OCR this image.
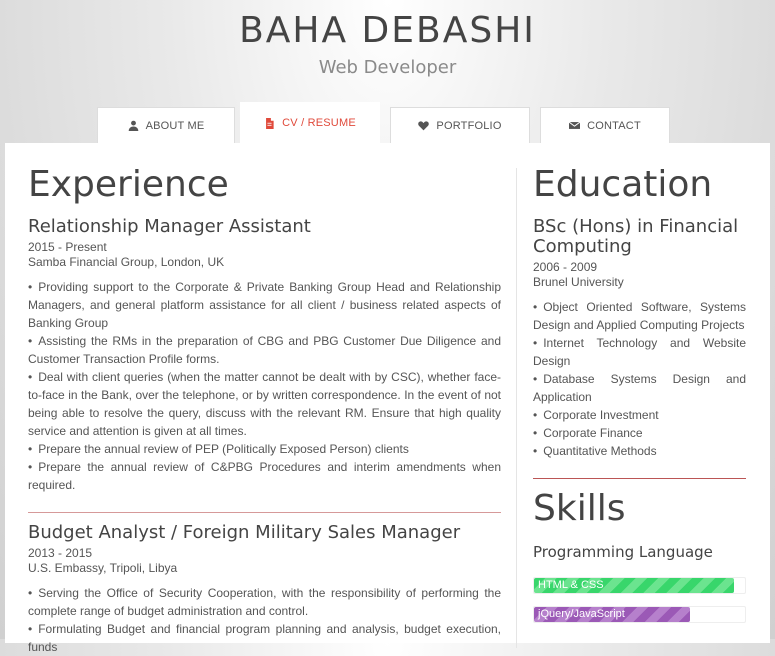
BAHA DEBASHI
Web Developer
ABOUT ME	CV / RESUME	PORTFOLIO	CONTACT
Experience
Relationship Manager Assistant
2015 - Present
Samba Financial Group, London, UK
• Providing support to the Corporate & Private Banking Group Head and Relationship Managers, and general platform assistance for all client / business related aspects of Banking Group
• Assisting the RMs in the preparation of CBG and PBG Customer Due Diligence and Customer Transaction Profile forms.
• Deal with client queries (when the matter cannot be dealt with by CSC), whether face-to-face in the Bank, over the telephone, or by written correspondence. In the event of not being able to resolve the query, discuss with the relevant RM. Ensure that high quality service and attention is given at all times.
• Prepare the annual review of PEP (Politically Exposed Person) clients
• Prepare the annual review of C&PBG Procedures and interim amendments when required.
Budget Analyst / Foreign Military Sales Manager
2013 - 2015
U.S. Embassy, Tripoli, Libya
• Serving the Office of Security Cooperation, with the responsibility of performing the complete range of budget administration and control.
• Formulating Budget and financial program planning and analysis, budget execution, funds
Education
BSc (Hons) in Financial Computing
2006 - 2009
Brunel University
• Object Oriented Software, Systems Design and Applied Computing Projects
• Internet Technology and Website Design
• Database Systems Design and Application
• Corporate Investment
• Corporate Finance
• Quantitative Methods
Skills
Programming Language
HTML & CSS
jQuery/JavaScript
